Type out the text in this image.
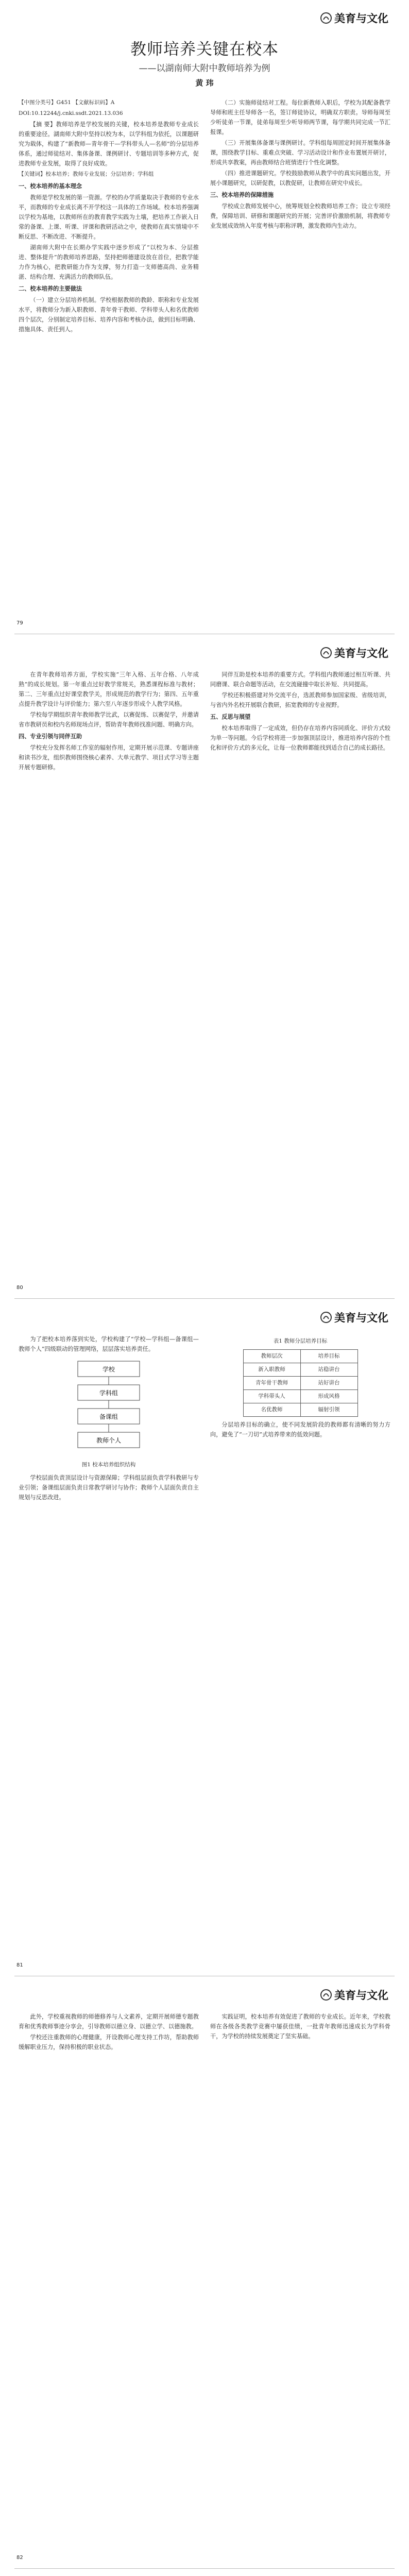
美育与文化
教师培养关键在校本
——以湖南师大附中教师培养为例
黄 玮

【中图分类号】G451 【文献标识码】A

DOI:10.12244/j.cnki.ssdt.2021.13.036

【摘 要】教师培养是学校发展的关键，校本培养是教师专业成长的重要途径。湖南师大附中坚持以校为本，以学科组为依托，以课题研究为载体，构建了“新教师—青年骨干—学科带头人—名师”的分层培养体系，通过师徒结对、集体备课、课例研讨、专题培训等多种方式，促进教师专业发展，取得了良好成效。

【关键词】校本培养；教师专业发展；分层培养；学科组

一、校本培养的基本理念

教师是学校发展的第一资源。学校的办学质量取决于教师的专业水平，而教师的专业成长离不开学校这一具体的工作场域。校本培养强调以学校为基地，以教师所在的教育教学实践为土壤，把培养工作嵌入日常的备课、上课、听课、评课和教研活动之中，使教师在真实情境中不断反思、不断改进、不断提升。

湖南师大附中在长期办学实践中逐步形成了“以校为本、分层推进、整体提升”的教师培养思路，坚持把师德建设放在首位，把教学能力作为核心，把教研能力作为支撑，努力打造一支师德高尚、业务精湛、结构合理、充满活力的教师队伍。

二、校本培养的主要做法

（一）建立分层培养机制。学校根据教师的教龄、职称和专业发展水平，将教师分为新入职教师、青年骨干教师、学科带头人和名优教师四个层次，分别制定培养目标、培养内容和考核办法，做到目标明确、措施具体、责任到人。

（二）实施师徒结对工程。每位新教师入职后，学校为其配备教学导师和班主任导师各一名，签订师徒协议，明确双方职责。导师每周至少听徒弟一节课，徒弟每周至少听导师两节课，每学期共同完成一节汇报课。

（三）开展集体备课与课例研讨。学科组每周固定时间开展集体备课，围绕教学目标、重难点突破、学习活动设计和作业布置展开研讨，形成共享教案，再由教师结合班情进行个性化调整。

（四）推进课题研究。学校鼓励教师从教学中的真实问题出发，开展小课题研究，以研促教，以教促研，让教师在研究中成长。

三、校本培养的保障措施

学校成立教师发展中心，统筹规划全校教师培养工作；设立专项经费，保障培训、研修和课题研究的开展；完善评价激励机制，将教师专业发展成效纳入年度考核与职称评聘，激发教师内生动力。

79
美育与文化

在青年教师培养方面，学校实施“三年入格、五年合格、八年成熟”的成长规划。第一年重点过好教学常规关，熟悉课程标准与教材；第二、三年重点过好课堂教学关，形成规范的教学行为；第四、五年重点提升教学设计与评价能力；第六至八年逐步形成个人教学风格。

学校每学期组织青年教师教学比武，以赛促练、以赛促学，并邀请省市教研员和校内名师现场点评，帮助青年教师找准问题、明确方向。

四、专业引领与同伴互助

学校充分发挥名师工作室的辐射作用，定期开展示范课、专题讲座和读书沙龙，组织教师围绕核心素养、大单元教学、项目式学习等主题开展专题研修。

同伴互助是校本培养的重要方式。学科组内教师通过相互听课、共同磨课、联合命题等活动，在交流碰撞中取长补短、共同提高。

学校还积极搭建对外交流平台，选派教师参加国家级、省级培训，与省内外名校开展联合教研，拓宽教师的专业视野。

五、反思与展望

校本培养取得了一定成效，但仍存在培养内容同质化、评价方式较为单一等问题。今后学校将进一步加强顶层设计，推进培养内容的个性化和评价方式的多元化，让每一位教师都能找到适合自己的成长路径。

80
美育与文化

为了把校本培养落到实处，学校构建了“学校—学科组—备课组—教师个人”四级联动的管理网络，层层落实培养责任。

学校
学科组
备课组
教师个人
图1 校本培养组织结构

学校层面负责顶层设计与资源保障；学科组层面负责学科教研与专业引领；备课组层面负责日常教学研讨与协作；教师个人层面负责自主规划与反思改进。

表1 教师分层培养目标
教师层次	培养目标
新入职教师	站稳讲台
青年骨干教师	站好讲台
学科带头人	形成风格
名优教师	辐射引领

分层培养目标的确立，使不同发展阶段的教师都有清晰的努力方向，避免了“一刀切”式培养带来的低效问题。

81
美育与文化

此外，学校重视教师的师德修养与人文素养，定期开展师德专题教育和优秀教师事迹分享会，引导教师以德立身、以德立学、以德施教。

学校还注重教师的心理健康，开设教师心理支持工作坊，帮助教师缓解职业压力，保持积极的职业状态。

实践证明，校本培养有效促进了教师的专业成长。近年来，学校教师在各级各类教学竞赛中屡获佳绩，一批青年教师迅速成长为学科骨干，为学校的持续发展奠定了坚实基础。

82
